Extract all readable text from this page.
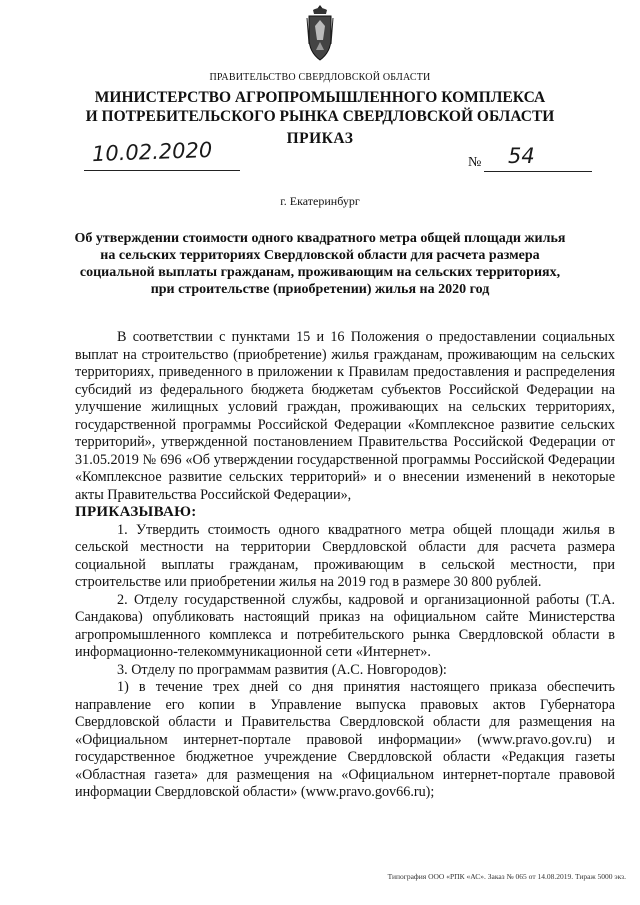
ПРАВИТЕЛЬСТВО СВЕРДЛОВСКОЙ ОБЛАСТИ
МИНИСТЕРСТВО АГРОПРОМЫШЛЕННОГО КОМПЛЕКСА
И ПОТРЕБИТЕЛЬСКОГО РЫНКА СВЕРДЛОВСКОЙ ОБЛАСТИ
ПРИКАЗ
10.02.2020	№ 54
г. Екатеринбург
Об утверждении стоимости одного квадратного метра общей площади жилья на сельских территориях Свердловской области для расчета размера социальной выплаты гражданам, проживающим на сельских территориях, при строительстве (приобретении) жилья на 2020 год

В соответствии с пунктами 15 и 16 Положения о предоставлении социальных выплат на строительство (приобретение) жилья гражданам, проживающим на сельских территориях, приведенного в приложении к Правилам предоставления и распределения субсидий из федерального бюджета бюджетам субъектов Российской Федерации на улучшение жилищных условий граждан, проживающих на сельских территориях, государственной программы Российской Федерации «Комплексное развитие сельских территорий», утвержденной постановлением Правительства Российской Федерации от 31.05.2019 № 696 «Об утверждении государственной программы Российской Федерации «Комплексное развитие сельских территорий» и о внесении изменений в некоторые акты Правительства Российской Федерации»,

ПРИКАЗЫВАЮ:

1. Утвердить стоимость одного квадратного метра общей площади жилья в сельской местности на территории Свердловской области для расчета размера социальной выплаты гражданам, проживающим в сельской местности, при строительстве или приобретении жилья на 2019 год в размере 30 800 рублей.

2. Отделу государственной службы, кадровой и организационной работы (Т.А. Сандакова) опубликовать настоящий приказ на официальном сайте Министерства агропромышленного комплекса и потребительского рынка Свердловской области в информационно-телекоммуникационной сети «Интернет».

3. Отделу по программам развития (А.С. Новгородов):

1) в течение трех дней со дня принятия настоящего приказа обеспечить направление его копии в Управление выпуска правовых актов Губернатора Свердловской области и Правительства Свердловской области для размещения на «Официальном интернет-портале правовой информации» (www.pravo.gov.ru) и государственное бюджетное учреждение Свердловской области «Редакция газеты «Областная газета» для размещения на «Официальном интернет-портале правовой информации Свердловской области» (www.pravo.gov66.ru);

Типография ООО «РПК «АС». Заказ № 065 от 14.08.2019. Тираж 5000 экз.
